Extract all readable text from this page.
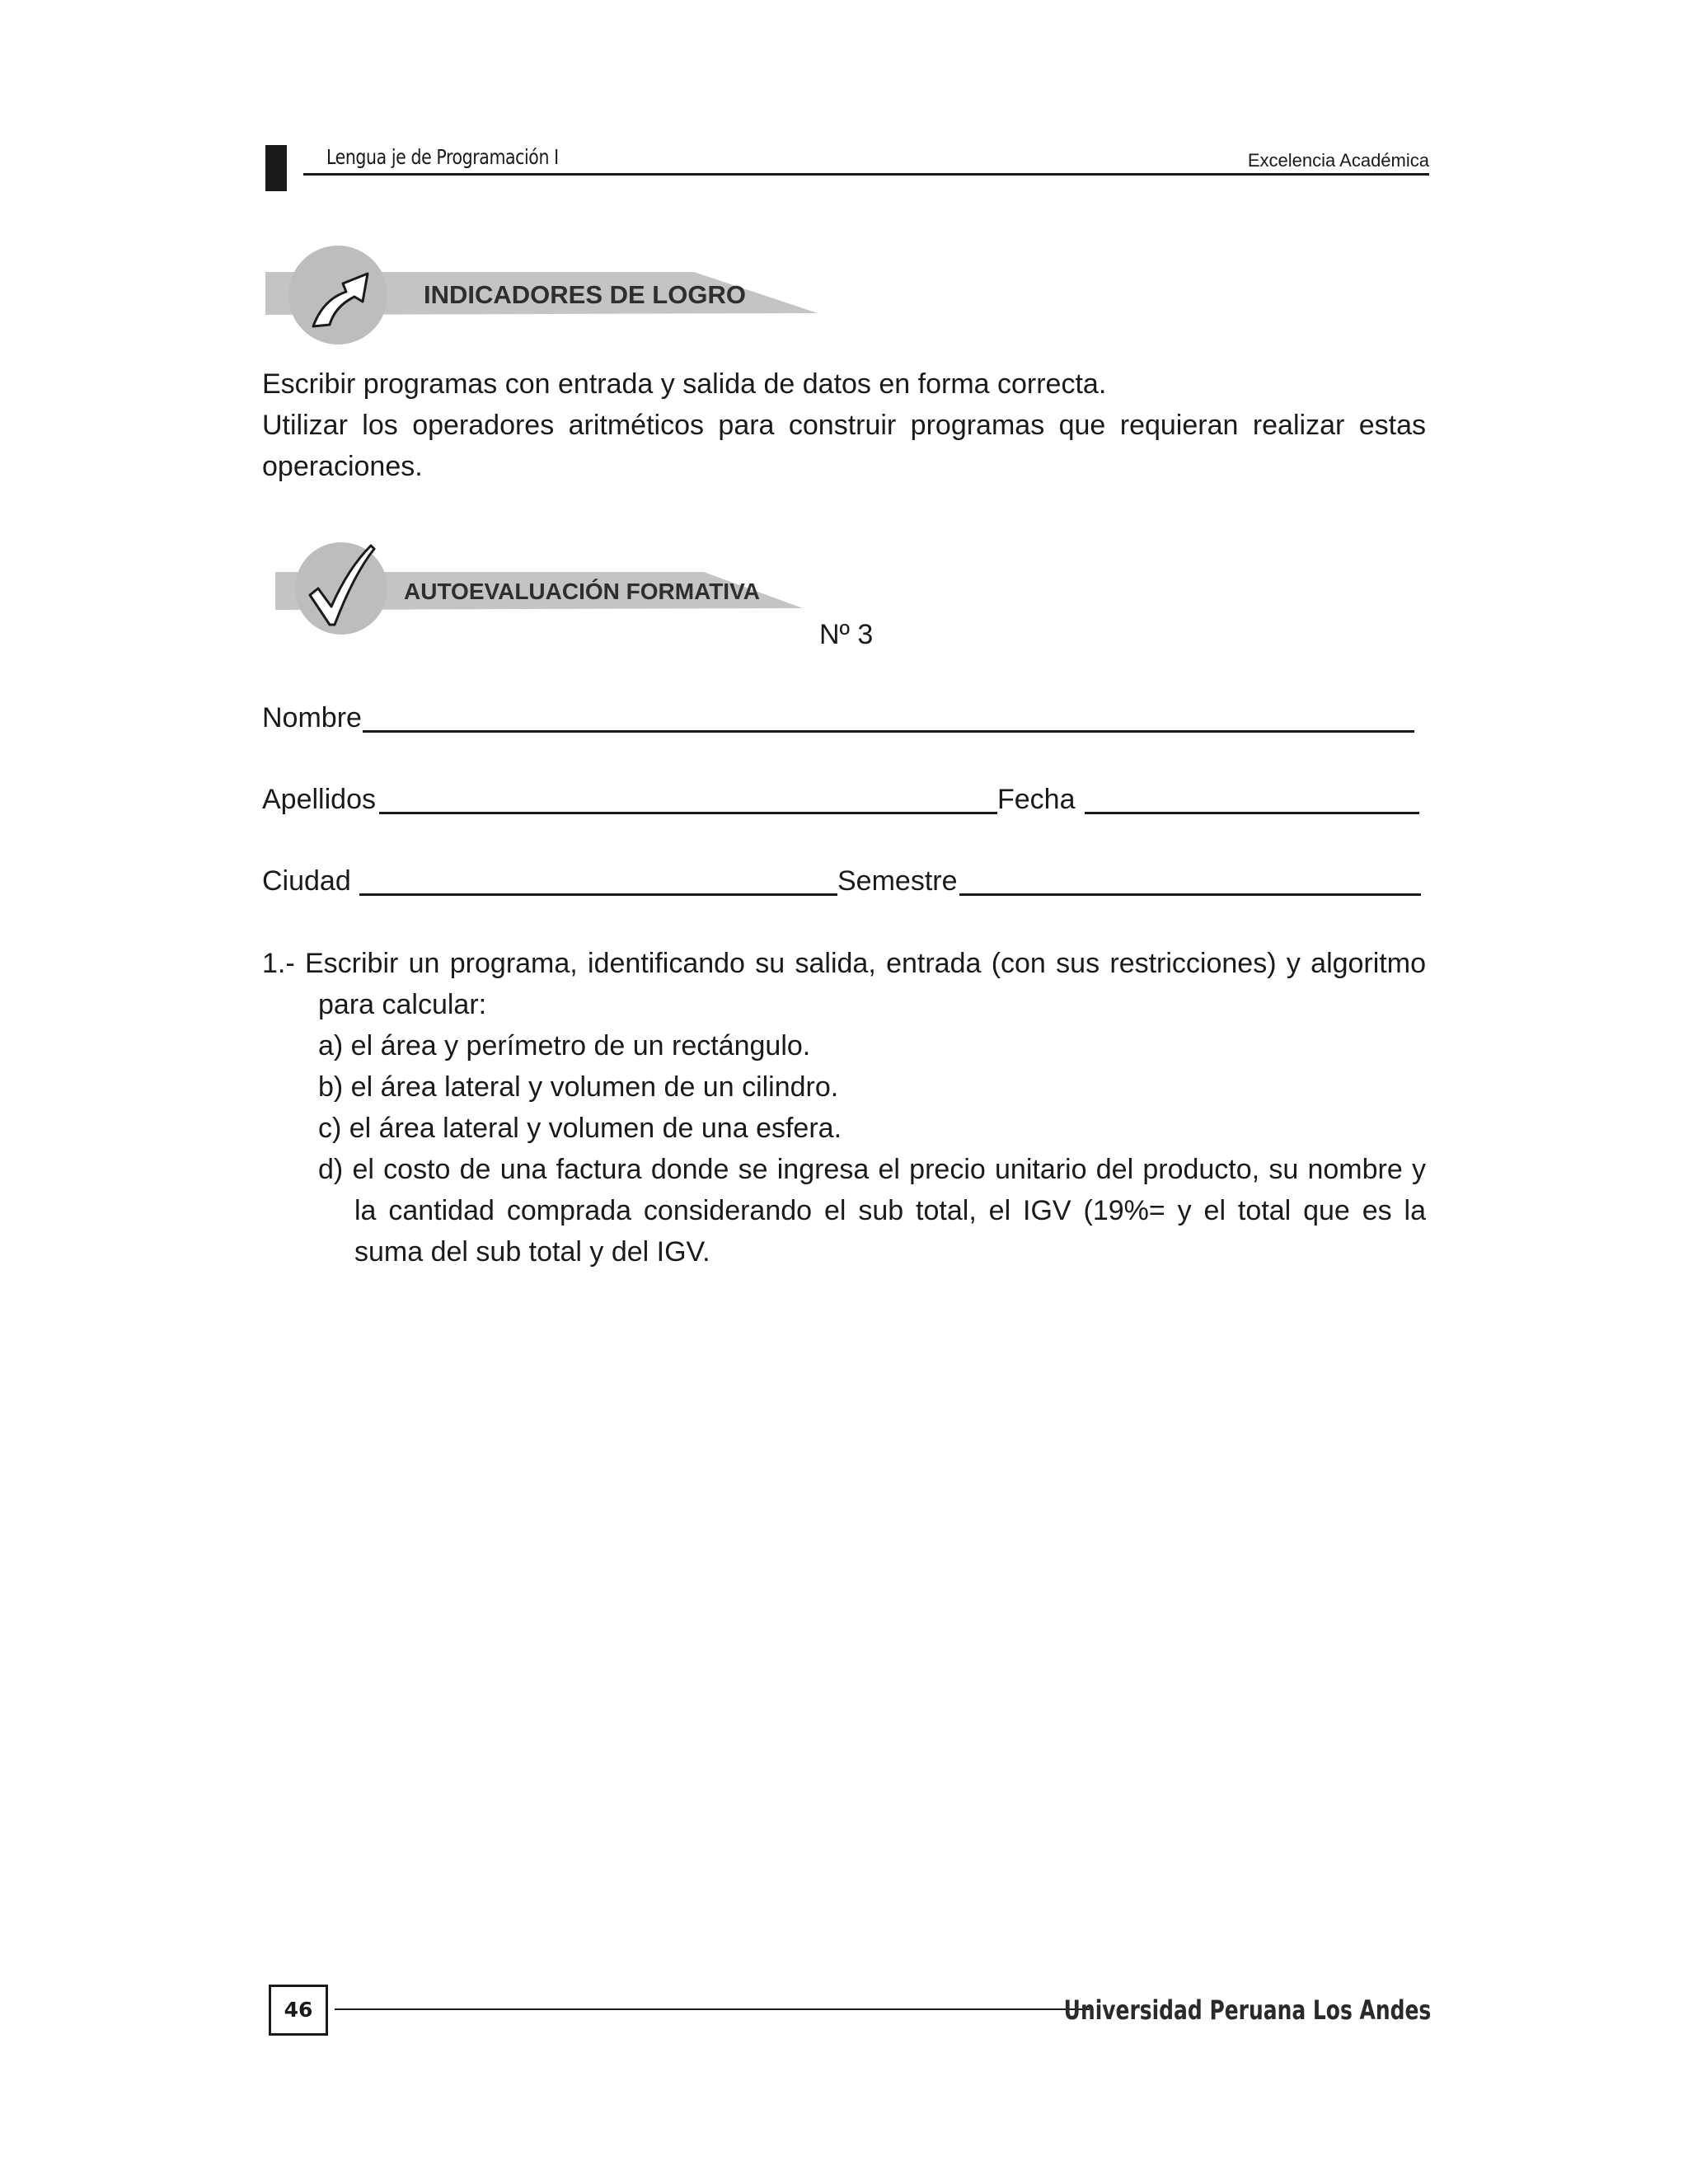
Lengua je de Programación I	Excelencia Académica
INDICADORES DE LOGRO
Escribir programas con entrada y salida de datos en forma correcta.
Utilizar los operadores aritméticos para construir programas que requieran realizar estas
operaciones.
AUTOEVALUACIÓN FORMATIVA
Nº 3
Nombre
Apellidos	Fecha
Ciudad	Semestre
1.- Escribir un programa, identificando su salida, entrada (con sus restricciones) y algoritmo
para calcular:
a) el área y perímetro de un rectángulo.
b) el área lateral y volumen de un cilindro.
c) el área lateral y volumen de una esfera.
d) el costo de una factura donde se ingresa el precio unitario del producto, su nombre y
la cantidad comprada considerando el sub total, el IGV (19%= y el total que es la
suma del sub total y del IGV.
46	Universidad Peruana Los Andes
